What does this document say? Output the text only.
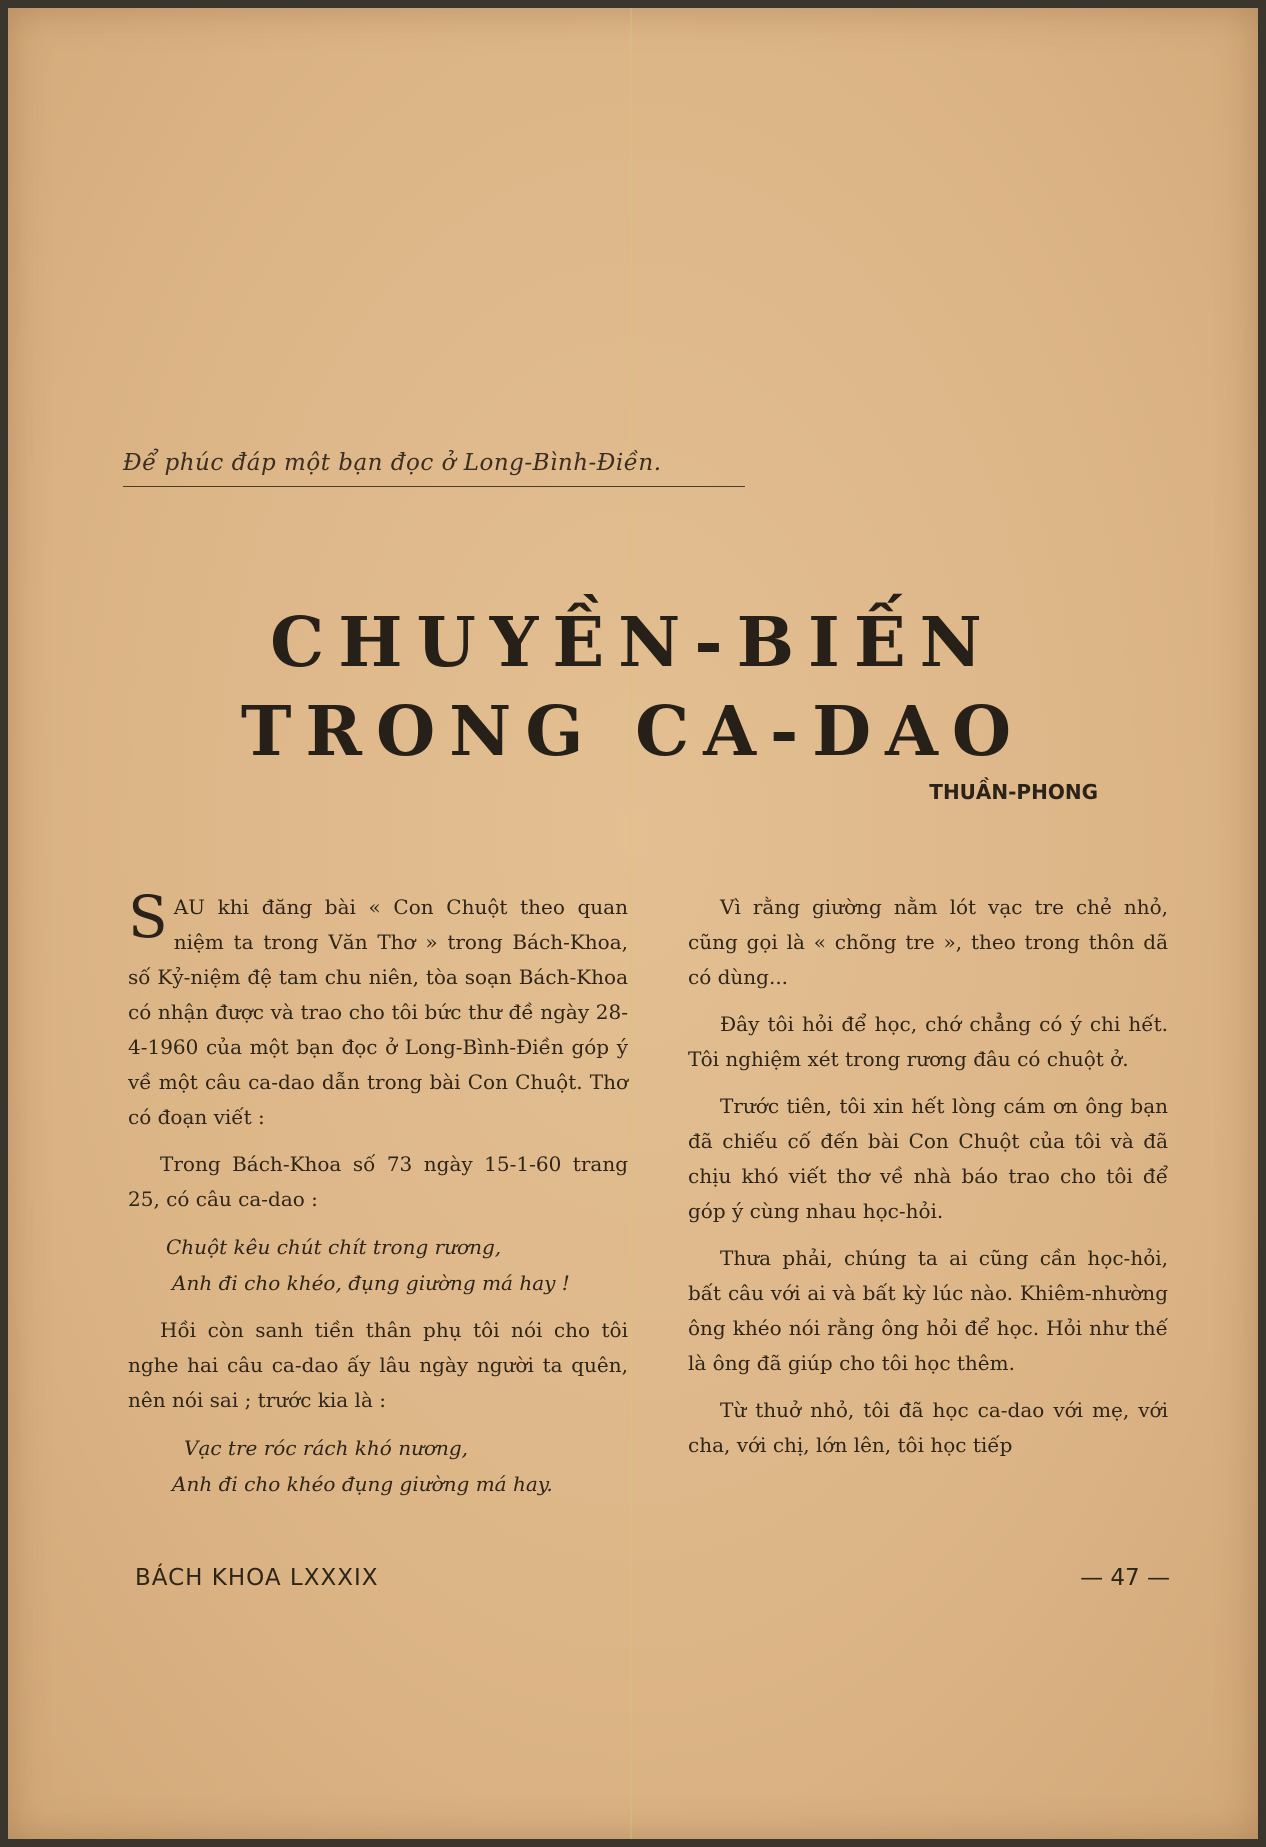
Để phúc đáp một bạn đọc ở Long-Bình-Điền.
CHUYỀN-BIẾN
TRONG CA-DAO
THUẦN-PHONG

SAU khi đăng bài « Con Chuột theo quan niệm ta trong Văn Thơ » trong Bách-Khoa, số Kỷ-niệm đệ tam chu niên, tòa soạn Bách-Khoa có nhận được và trao cho tôi bức thư đề ngày 28-4-1960 của một bạn đọc ở Long-Bình-Điền góp ý về một câu ca-dao dẫn trong bài Con Chuột. Thơ có đoạn viết :

Trong Bách-Khoa số 73 ngày 15-1-60 trang 25, có câu ca-dao :

Chuột kêu chút chít trong rương,
Anh đi cho khéo, đụng giường má hay !

Hồi còn sanh tiền thân phụ tôi nói cho tôi nghe hai câu ca-dao ấy lâu ngày người ta quên, nên nói sai ; trước kia là :

Vạc tre róc rách khó nương,
Anh đi cho khéo đụng giường má hay.

Vì rằng giường nằm lót vạc tre chẻ nhỏ, cũng gọi là « chõng tre », theo trong thôn dã có dùng...

Đây tôi hỏi để học, chớ chẳng có ý chi hết. Tôi nghiệm xét trong rương đâu có chuột ở.

Trước tiên, tôi xin hết lòng cám ơn ông bạn đã chiếu cố đến bài Con Chuột của tôi và đã chịu khó viết thơ về nhà báo trao cho tôi để góp ý cùng nhau học-hỏi.

Thưa phải, chúng ta ai cũng cần học-hỏi, bất câu với ai và bất kỳ lúc nào. Khiêm-nhường ông khéo nói rằng ông hỏi để học. Hỏi như thế là ông đã giúp cho tôi học thêm.

Từ thuở nhỏ, tôi đã học ca-dao với mẹ, với cha, với chị, lớn lên, tôi học tiếp

BÁCH KHOA LXXXIX	— 47 —
